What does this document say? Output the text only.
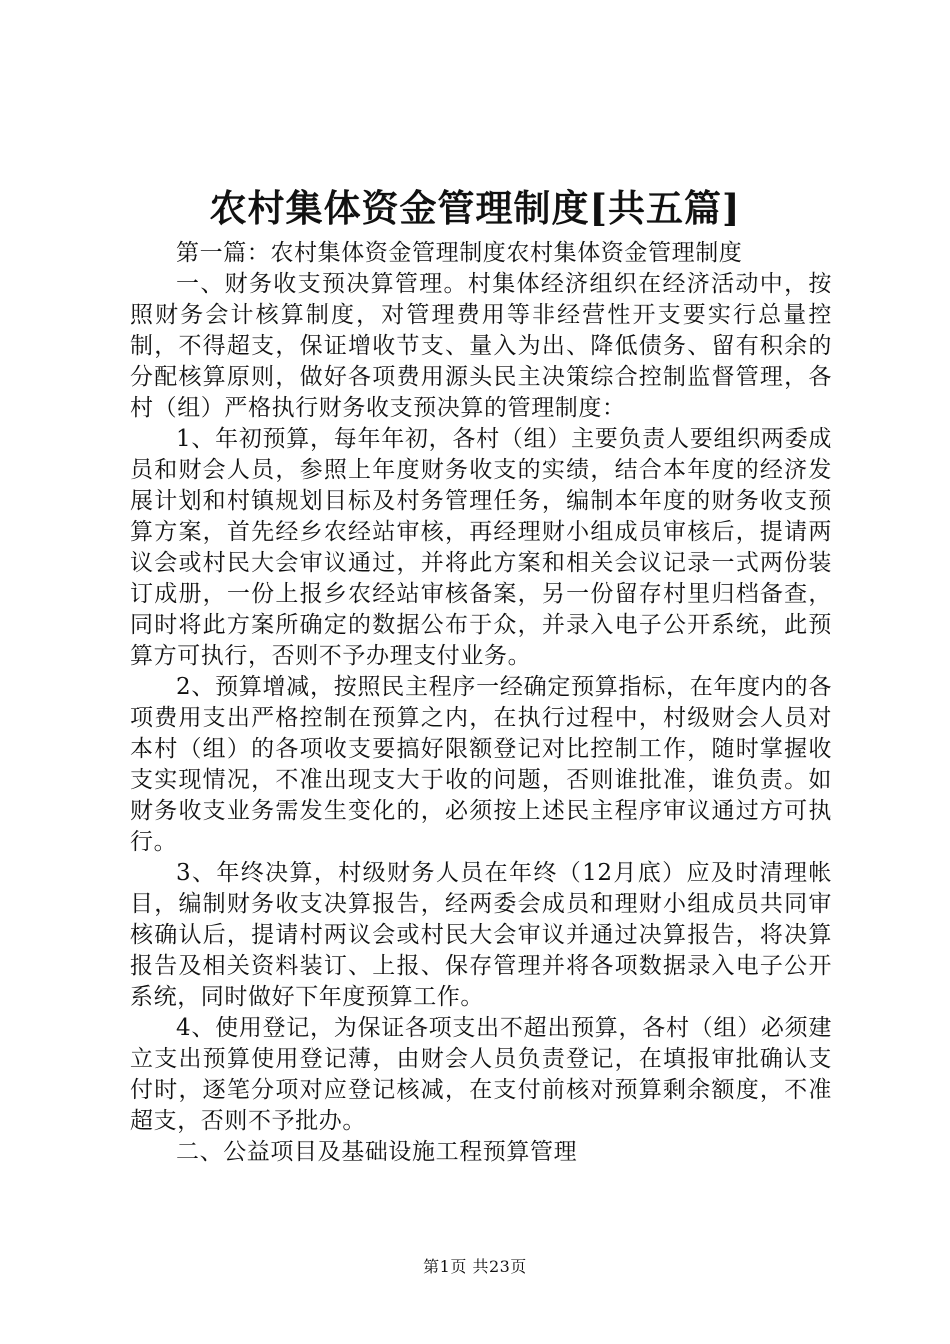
农村集体资金管理制度[共五篇]

第一篇：农村集体资金管理制度农村集体资金管理制度

一、财务收支预决算管理。村集体经济组织在经济活动中，按照财务会计核算制度，对管理费用等非经营性开支要实行总量控制，不得超支，保证增收节支、量入为出、降低债务、留有积余的分配核算原则，做好各项费用源头民主决策综合控制监督管理，各村（组）严格执行财务收支预决算的管理制度：

1、年初预算，每年年初，各村（组）主要负责人要组织两委成员和财会人员，参照上年度财务收支的实绩，结合本年度的经济发展计划和村镇规划目标及村务管理任务，编制本年度的财务收支预算方案，首先经乡农经站审核，再经理财小组成员审核后，提请两议会或村民大会审议通过，并将此方案和相关会议记录一式两份装订成册，一份上报乡农经站审核备案，另一份留存村里归档备查，同时将此方案所确定的数据公布于众，并录入电子公开系统，此预算方可执行，否则不予办理支付业务。

2、预算增减，按照民主程序一经确定预算指标，在年度内的各项费用支出严格控制在预算之内，在执行过程中，村级财会人员对本村（组）的各项收支要搞好限额登记对比控制工作，随时掌握收支实现情况，不准出现支大于收的问题，否则谁批准，谁负责。如财务收支业务需发生变化的，必须按上述民主程序审议通过方可执行。

3、年终决算，村级财务人员在年终（12月底）应及时清理帐目，编制财务收支决算报告，经两委会成员和理财小组成员共同审核确认后，提请村两议会或村民大会审议并通过决算报告，将决算报告及相关资料装订、上报、保存管理并将各项数据录入电子公开系统，同时做好下年度预算工作。

4、使用登记，为保证各项支出不超出预算，各村（组）必须建立支出预算使用登记薄，由财会人员负责登记，在填报审批确认支付时，逐笔分项对应登记核减，在支付前核对预算剩余额度，不准超支，否则不予批办。

二、公益项目及基础设施工程预算管理

第1页 共23页
